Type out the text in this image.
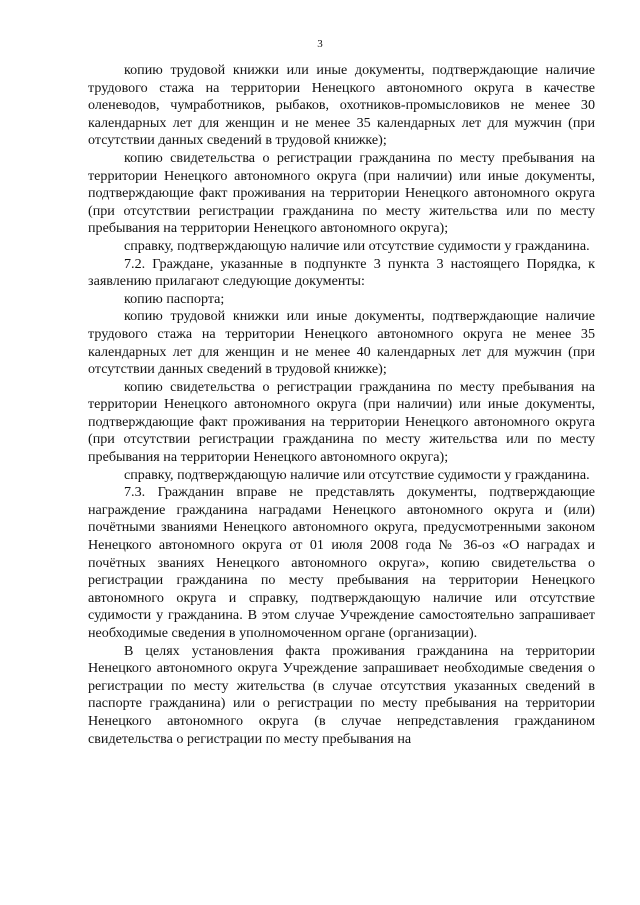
3

копию трудовой книжки или иные документы, подтверждающие наличие трудового стажа на территории Ненецкого автономного округа в качестве оленеводов, чумработников, рыбаков, охотников-промысловиков не менее 30 календарных лет для женщин и не менее 35 календарных лет для мужчин (при отсутствии данных сведений в трудовой книжке);

копию свидетельства о регистрации гражданина по месту пребывания на территории Ненецкого автономного округа (при наличии) или иные документы, подтверждающие факт проживания на территории Ненецкого автономного округа (при отсутствии регистрации гражданина по месту жительства или по месту пребывания на территории Ненецкого автономного округа);

справку, подтверждающую наличие или отсутствие судимости у гражданина.

7.2. Граждане, указанные в подпункте 3 пункта 3 настоящего Порядка, к заявлению прилагают следующие документы:

копию паспорта;

копию трудовой книжки или иные документы, подтверждающие наличие трудового стажа на территории Ненецкого автономного округа не менее 35 календарных лет для женщин и не менее 40 календарных лет для мужчин (при отсутствии данных сведений в трудовой книжке);

копию свидетельства о регистрации гражданина по месту пребывания на территории Ненецкого автономного округа (при наличии) или иные документы, подтверждающие факт проживания на территории Ненецкого автономного округа (при отсутствии регистрации гражданина по месту жительства или по месту пребывания на территории Ненецкого автономного округа);

справку, подтверждающую наличие или отсутствие судимости у гражданина.

7.3. Гражданин вправе не представлять документы, подтверждающие награждение гражданина наградами Ненецкого автономного округа и (или) почётными званиями Ненецкого автономного округа, предусмотренными законом Ненецкого автономного округа от 01 июля 2008 года № 36-оз «О наградах и почётных званиях Ненецкого автономного округа», копию свидетельства о регистрации гражданина по месту пребывания на территории Ненецкого автономного округа и справку, подтверждающую наличие или отсутствие судимости у гражданина. В этом случае Учреждение самостоятельно запрашивает необходимые сведения в уполномоченном органе (организации).

В целях установления факта проживания гражданина на территории Ненецкого автономного округа Учреждение запрашивает необходимые сведения о регистрации по месту жительства (в случае отсутствия указанных сведений в паспорте гражданина) или о регистрации по месту пребывания на территории Ненецкого автономного округа (в случае непредставления гражданином свидетельства о регистрации по месту пребывания на
